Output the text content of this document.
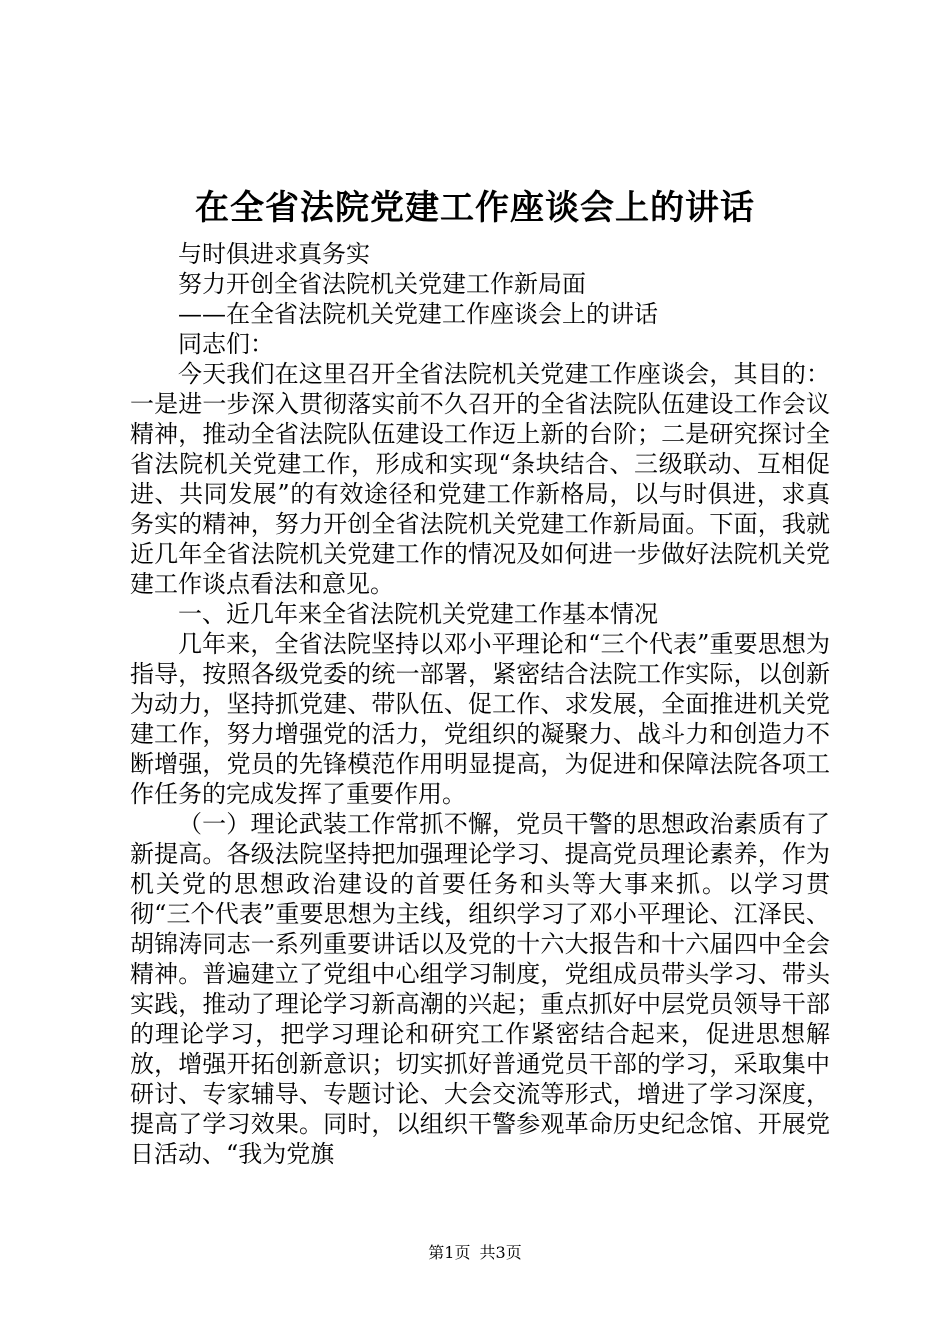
在全省法院党建工作座谈会上的讲话

与时俱进求真务实

努力开创全省法院机关党建工作新局面

——在全省法院机关党建工作座谈会上的讲话

同志们：

今天我们在这里召开全省法院机关党建工作座谈会，其目的：一是进一步深入贯彻落实前不久召开的全省法院队伍建设工作会议精神，推动全省法院队伍建设工作迈上新的台阶；二是研究探讨全省法院机关党建工作，形成和实现“条块结合、三级联动、互相促进、共同发展”的有效途径和党建工作新格局，以与时俱进，求真务实的精神，努力开创全省法院机关党建工作新局面。下面，我就近几年全省法院机关党建工作的情况及如何进一步做好法院机关党建工作谈点看法和意见。

一、近几年来全省法院机关党建工作基本情况

几年来，全省法院坚持以邓小平理论和“三个代表”重要思想为指导，按照各级党委的统一部署，紧密结合法院工作实际，以创新为动力，坚持抓党建、带队伍、促工作、求发展，全面推进机关党建工作，努力增强党的活力，党组织的凝聚力、战斗力和创造力不断增强，党员的先锋模范作用明显提高，为促进和保障法院各项工作任务的完成发挥了重要作用。

（一）理论武装工作常抓不懈，党员干警的思想政治素质有了新提高。各级法院坚持把加强理论学习、提高党员理论素养，作为机关党的思想政治建设的首要任务和头等大事来抓。以学习贯彻“三个代表”重要思想为主线，组织学习了邓小平理论、江泽民、胡锦涛同志一系列重要讲话以及党的十六大报告和十六届四中全会精神。普遍建立了党组中心组学习制度，党组成员带头学习、带头实践，推动了理论学习新高潮的兴起；重点抓好中层党员领导干部的理论学习，把学习理论和研究工作紧密结合起来，促进思想解放，增强开拓创新意识；切实抓好普通党员干部的学习，采取集中研讨、专家辅导、专题讨论、大会交流等形式，增进了学习深度，提高了学习效果。同时，以组织干警参观革命历史纪念馆、开展党日活动、“我为党旗

第1页 共3页
